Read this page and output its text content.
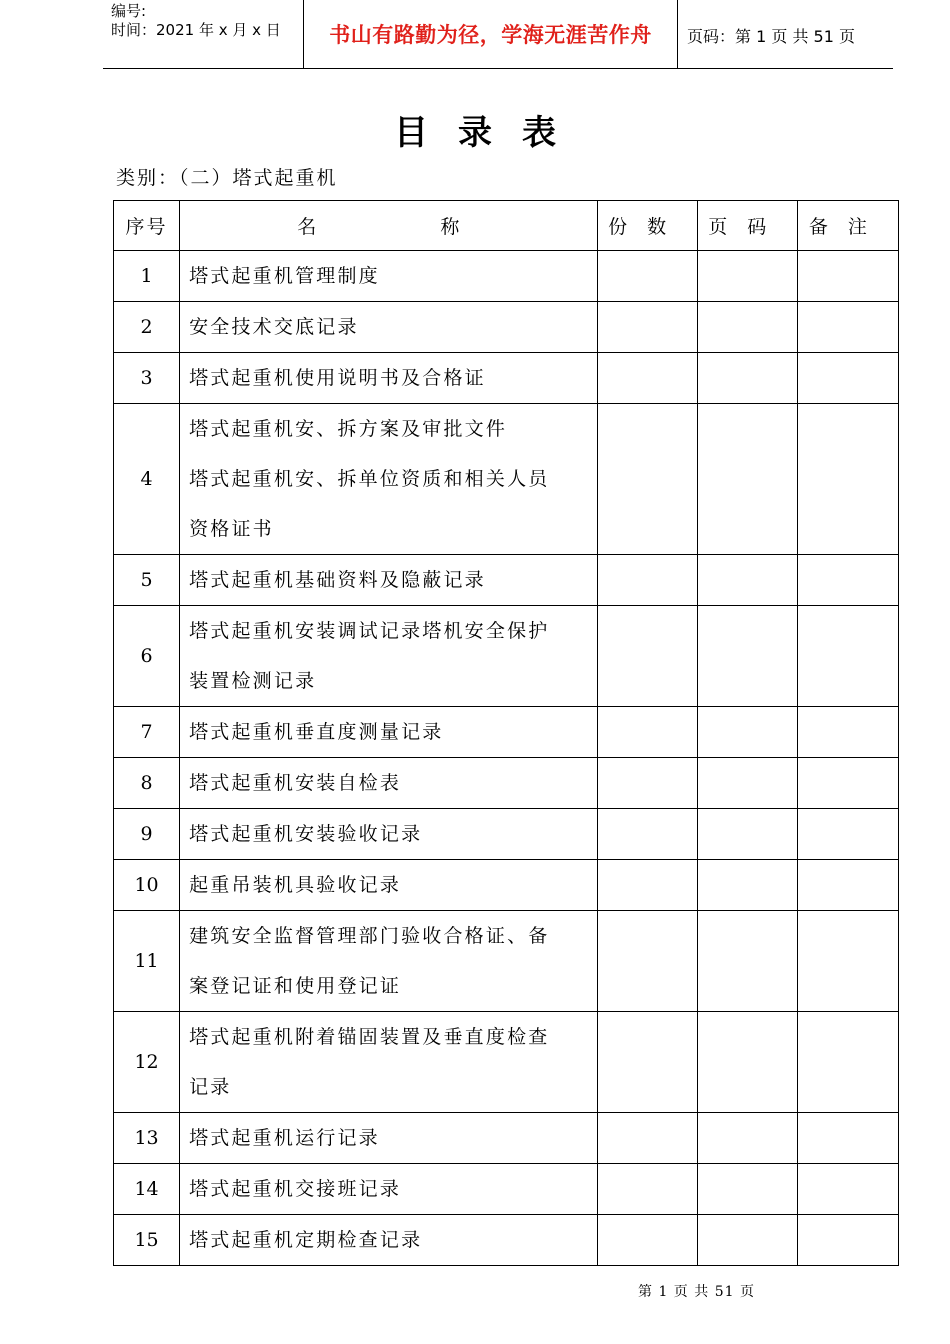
编号:
时间：2021 年 x 月 x 日	书山有路勤为径，学海无涯苦作舟	页码：第 1 页 共 51 页
目录表
类别：（二）塔式起重机
序号	名    称	份数	页码	备注
1	塔式起重机管理制度			

2	安全技术交底记录			

3	塔式起重机使用说明书及合格证			

4	塔式起重机安、拆方案及审批文件
塔式起重机安、拆单位资质和相关人员
资格证书			

5	塔式起重机基础资料及隐蔽记录			

6	塔式起重机安装调试记录塔机安全保护
装置检测记录			

7	塔式起重机垂直度测量记录			

8	塔式起重机安装自检表			

9	塔式起重机安装验收记录			

10	起重吊装机具验收记录			

11	建筑安全监督管理部门验收合格证、备
案登记证和使用登记证			

12	塔式起重机附着锚固装置及垂直度检查
记录			

13	塔式起重机运行记录			

14	塔式起重机交接班记录			

15	塔式起重机定期检查记录			

第 1 页 共 51 页
